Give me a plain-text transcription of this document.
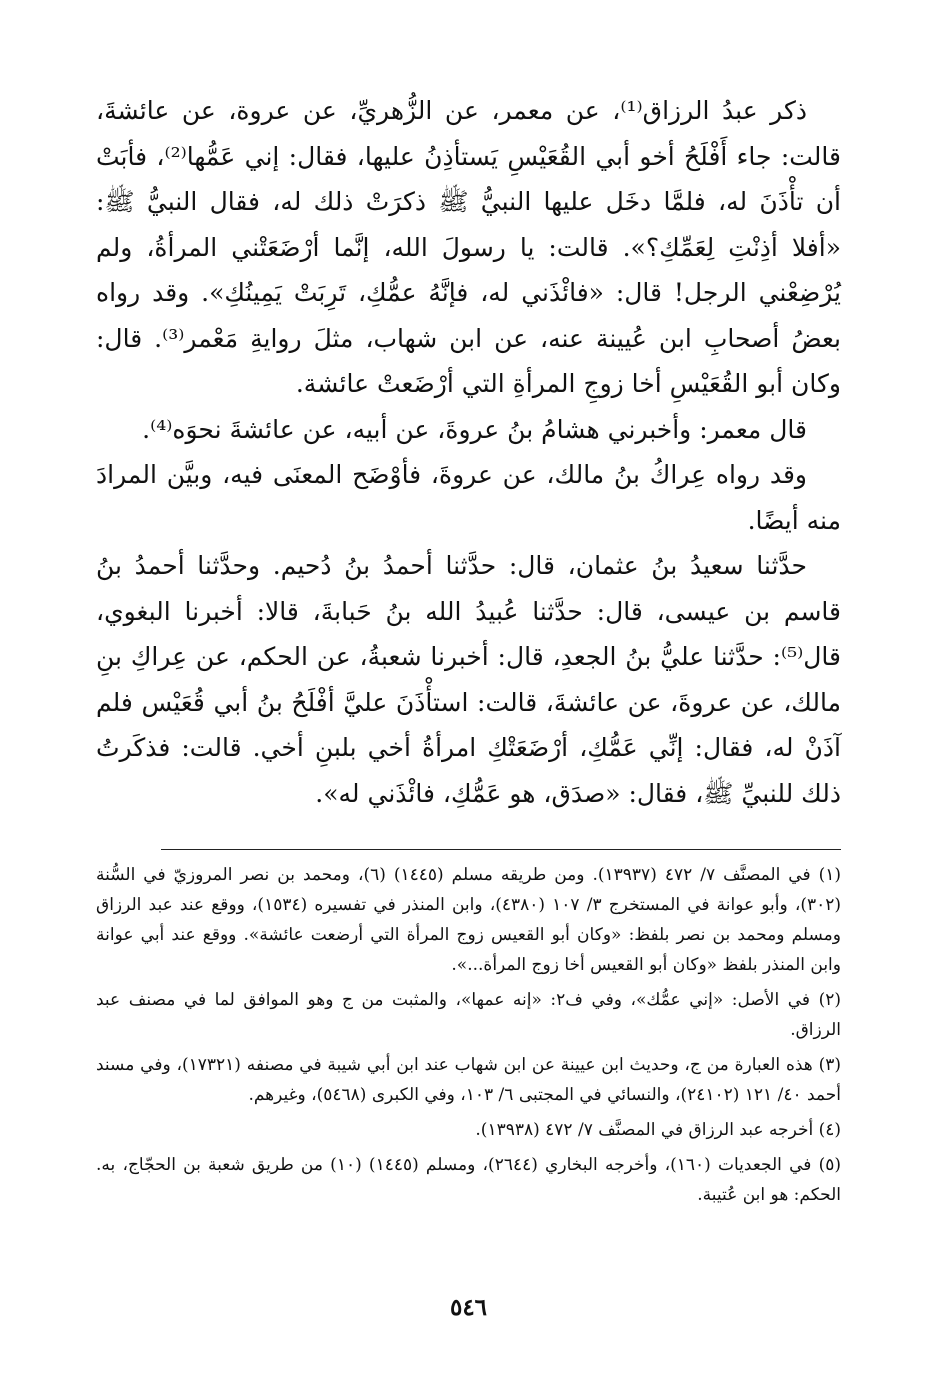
ذكر عبدُ الرزاق⁽¹⁾، عن معمر، عن الزُّهريِّ، عن عروة، عن عائشةَ، قالت: جاء أَفْلَحُ أخو أبي القُعَيْسِ يَستأذِنُ عليها، فقال: إني عَمُّها⁽²⁾، فأبَتْ أن تأْذَنَ له، فلمَّا دخَل عليها النبيُّ ﷺ ذكرَتْ ذلك له، فقال النبيُّ ﷺ: «أفلا أذِنْتِ لِعَمِّكِ؟». قالت: يا رسولَ الله، إنَّما أرْضَعَتْني المرأةُ، ولم يُرْضِعْني الرجل! قال: «فائْذَني له، فإنَّهُ عمُّكِ، تَرِبَتْ يَمِينُكِ». وقد رواه بعضُ أصحابِ ابن عُيينة عنه، عن ابن شهاب، مثلَ روايةِ مَعْمر⁽³⁾. قال: وكان أبو القُعَيْسِ أخا زوجِ المرأةِ التي أرْضَعتْ عائشة.

قال معمر: وأخبرني هشامُ بنُ عروةَ، عن أبيه، عن عائشةَ نحوَه⁽⁴⁾.

وقد رواه عِراكُ بنُ مالك، عن عروةَ، فأوْضَح المعنَى فيه، وبيَّن المرادَ منه أيضًا.

حدَّثنا سعيدُ بنُ عثمان، قال: حدَّثنا أحمدُ بنُ دُحيم. وحدَّثنا أحمدُ بنُ قاسم بن عيسى، قال: حدَّثنا عُبيدُ الله بنُ حَبابةَ، قالا: أخبرنا البغوي، قال⁽⁵⁾: حدَّثنا عليُّ بنُ الجعدِ، قال: أخبرنا شعبةُ، عن الحكم، عن عِراكِ بنِ مالك، عن عروةَ، عن عائشةَ، قالت: استأْذَنَ عليَّ أفْلَحُ بنُ أبي قُعَيْس فلم آذَنْ له، فقال: إنِّي عَمُّكِ، أرْضَعَتْكِ امرأةُ أخي بلبنِ أخي. قالت: فذكَرتُ ذلك للنبيِّ ﷺ، فقال: «صدَق، هو عَمُّكِ، فائْذَني له».

(١) في المصنَّف ٧/ ٤٧٢ (١٣٩٣٧). ومن طريقه مسلم (١٤٤٥) (٦)، ومحمد بن نصر المروزيّ في السُّنة (٣٠٢)، وأبو عوانة في المستخرج ٣/ ١٠٧ (٤٣٨٠)، وابن المنذر في تفسيره (١٥٣٤)، ووقع عند عبد الرزاق ومسلم ومحمد بن نصر بلفظ: «وكان أبو القعيس زوج المرأة التي أرضعت عائشة». ووقع عند أبي عوانة وابن المنذر بلفظ «وكان أبو القعيس أخا زوج المرأة...».

(٢) في الأصل: «إني عمُّك»، وفي ف٢: «إنه عمها»، والمثبت من ج وهو الموافق لما في مصنف عبد الرزاق.

(٣) هذه العبارة من ج، وحديث ابن عيينة عن ابن شهاب عند ابن أبي شيبة في مصنفه (١٧٣٢١)، وفي مسند أحمد ٤٠/ ١٢١ (٢٤١٠٢)، والنسائي في المجتبى ٦/ ١٠٣، وفي الكبرى (٥٤٦٨)، وغيرهم.

(٤) أخرجه عبد الرزاق في المصنَّف ٧/ ٤٧٢ (١٣٩٣٨).

(٥) في الجعديات (١٦٠)، وأخرجه البخاري (٢٦٤٤)، ومسلم (١٤٤٥) (١٠) من طريق شعبة بن الحجّاج، به. الحكم: هو ابن عُتيبة.

٥٤٦
